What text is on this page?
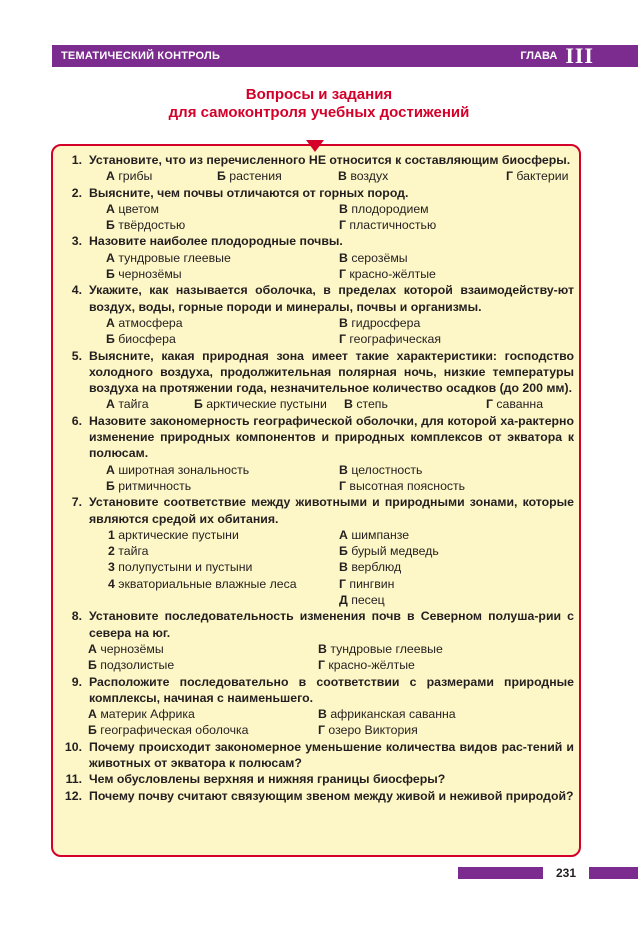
ТЕМАТИЧЕСКИЙ КОНТРОЛЬ	ГЛАВА III
Вопросы и задания
для самоконтроля учебных достижений
1. Установите, что из перечисленного НЕ относится к составляющим биосферы.
А грибы	Б растения	В воздух	Г бактерии
2. Выясните, чем почвы отличаются от горных пород.
А цветом	В плодородием
Б твёрдостью	Г пластичностью
3. Назовите наиболее плодородные почвы.
А тундровые глеевые	В серозёмы
Б чернозёмы	Г красно-жёлтые
4. Укажите, как называется оболочка, в пределах которой взаимодейству-ют воздух, воды, горные породи и минералы, почвы и организмы.
А атмосфера	В гидросфера
Б биосфера	Г географическая
5. Выясните, какая природная зона имеет такие характеристики: господство холодного воздуха, продолжительная полярная ночь, низкие температуры воздуха на протяжении года, незначительное количество осадков (до 200 мм).
А тайга	Б арктические пустыни	В степь	Г саванна
6. Назовите закономерность географической оболочки, для которой ха-рактерно изменение природных компонентов и природных комплексов от экватора к полюсам.
А широтная зональность	В целостность
Б ритмичность	Г высотная поясность
7. Установите соответствие между животными и природными зонами, которые являются средой их обитания.
1 арктические пустыни	А шимпанзе
2 тайга	Б бурый медведь
3 полупустыни и пустыни	В верблюд
4 экваториальные влажные леса	Г пингвин
Д песец
8. Установите последовательность изменения почв в Северном полуша-рии с севера на юг.
А чернозёмы	В тундровые глеевые
Б подзолистые	Г красно-жёлтые
9. Расположите последовательно в соответствии с размерами природные комплексы, начиная с наименьшего.
А материк Африка	В африканская саванна
Б географическая оболочка	Г озеро Виктория
10. Почему происходит закономерное уменьшение количества видов рас-тений и животных от экватора к полюсам?
11. Чем обусловлены верхняя и нижняя границы биосферы?
12. Почему почву считают связующим звеном между живой и неживой природой?
231
